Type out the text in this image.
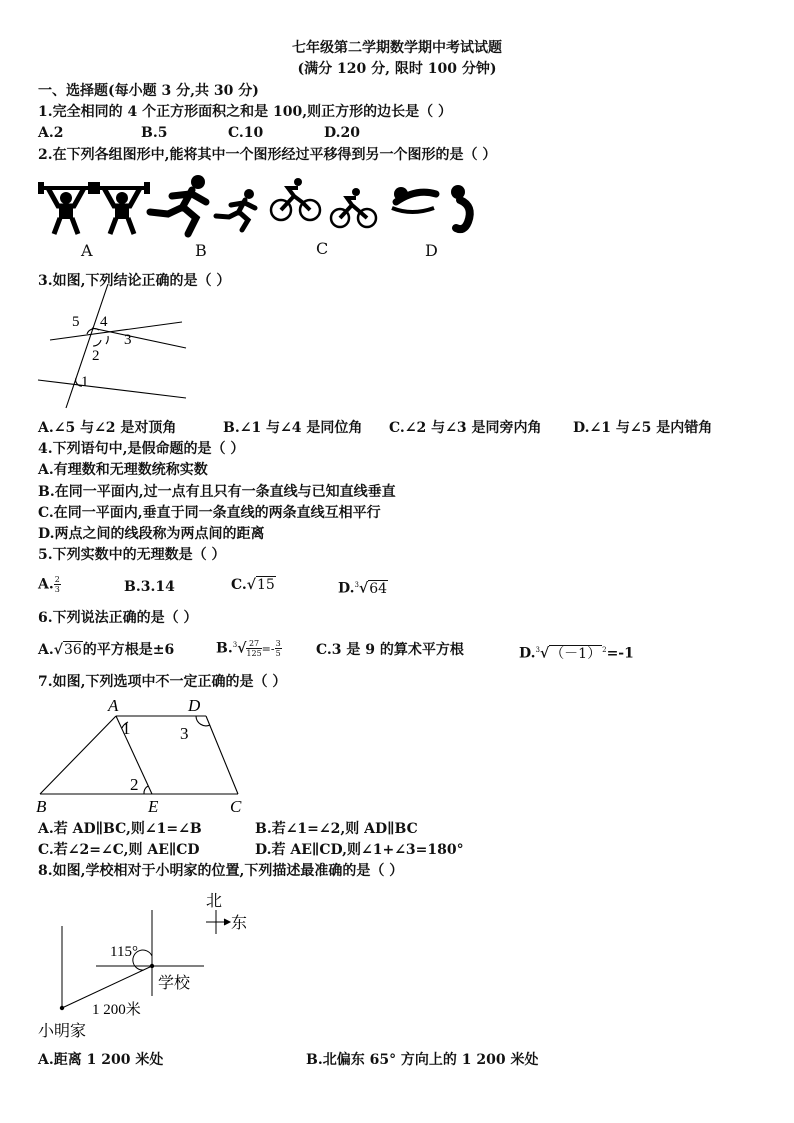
七年级第二学期数学期中考试试题
(满分 120 分, 限时 100 分钟)
一、选择题(每小题 3 分,共 30 分)
1.完全相同的 4 个正方形面积之和是 100,则正方形的边长是（ ）
A.2	B.5	C.10	D.20
2.在下列各组图形中,能将其中一个图形经过平移得到另一个图形的是（ ）
A	B	C	D
3.如图,下列结论正确的是（ ）
5 4
3
2
1
A.∠5 与∠2 是对顶角	B.∠1 与∠4 是同位角 C.∠2 与∠3 是同旁内角 D.∠1 与∠5 是内错角
4.下列语句中,是假命题的是（ ）
A.有理数和无理数统称实数
B.在同一平面内,过一点有且只有一条直线与已知直线垂直
C.在同一平面内,垂直于同一条直线的两条直线互相平行
D.两点之间的线段称为两点间的距离
5.下列实数中的无理数是（ ）
A. $\frac{2}{3}$	B.3.14	C.√15	D.$^3$√64
6.下列说法正确的是（ ）
A.√36的平方根是±6	$B.^3√ \frac{27}{125} =- \frac{3}{5} C.3$ 是 9 的算术平方根	$D.^3√(-1)^2=-1$
7.如图,下列选项中不一定正确的是（ ）
A	D
1	3
2
B	E	C
A.若 AD∥BC,则∠1=∠B	B.若∠1=∠2,则 AD∥BC
C.若∠2=∠C,则 AE∥CD	D.若 AE∥CD,则∠1+∠3=180°
8.如图,学校相对于小明家的位置,下列描述最准确的是（ ）
北
东
115°
学校
1 200米
小明家
A.距离 1 200 米处	B.北偏东 65° 方向上的 1 200 米处
